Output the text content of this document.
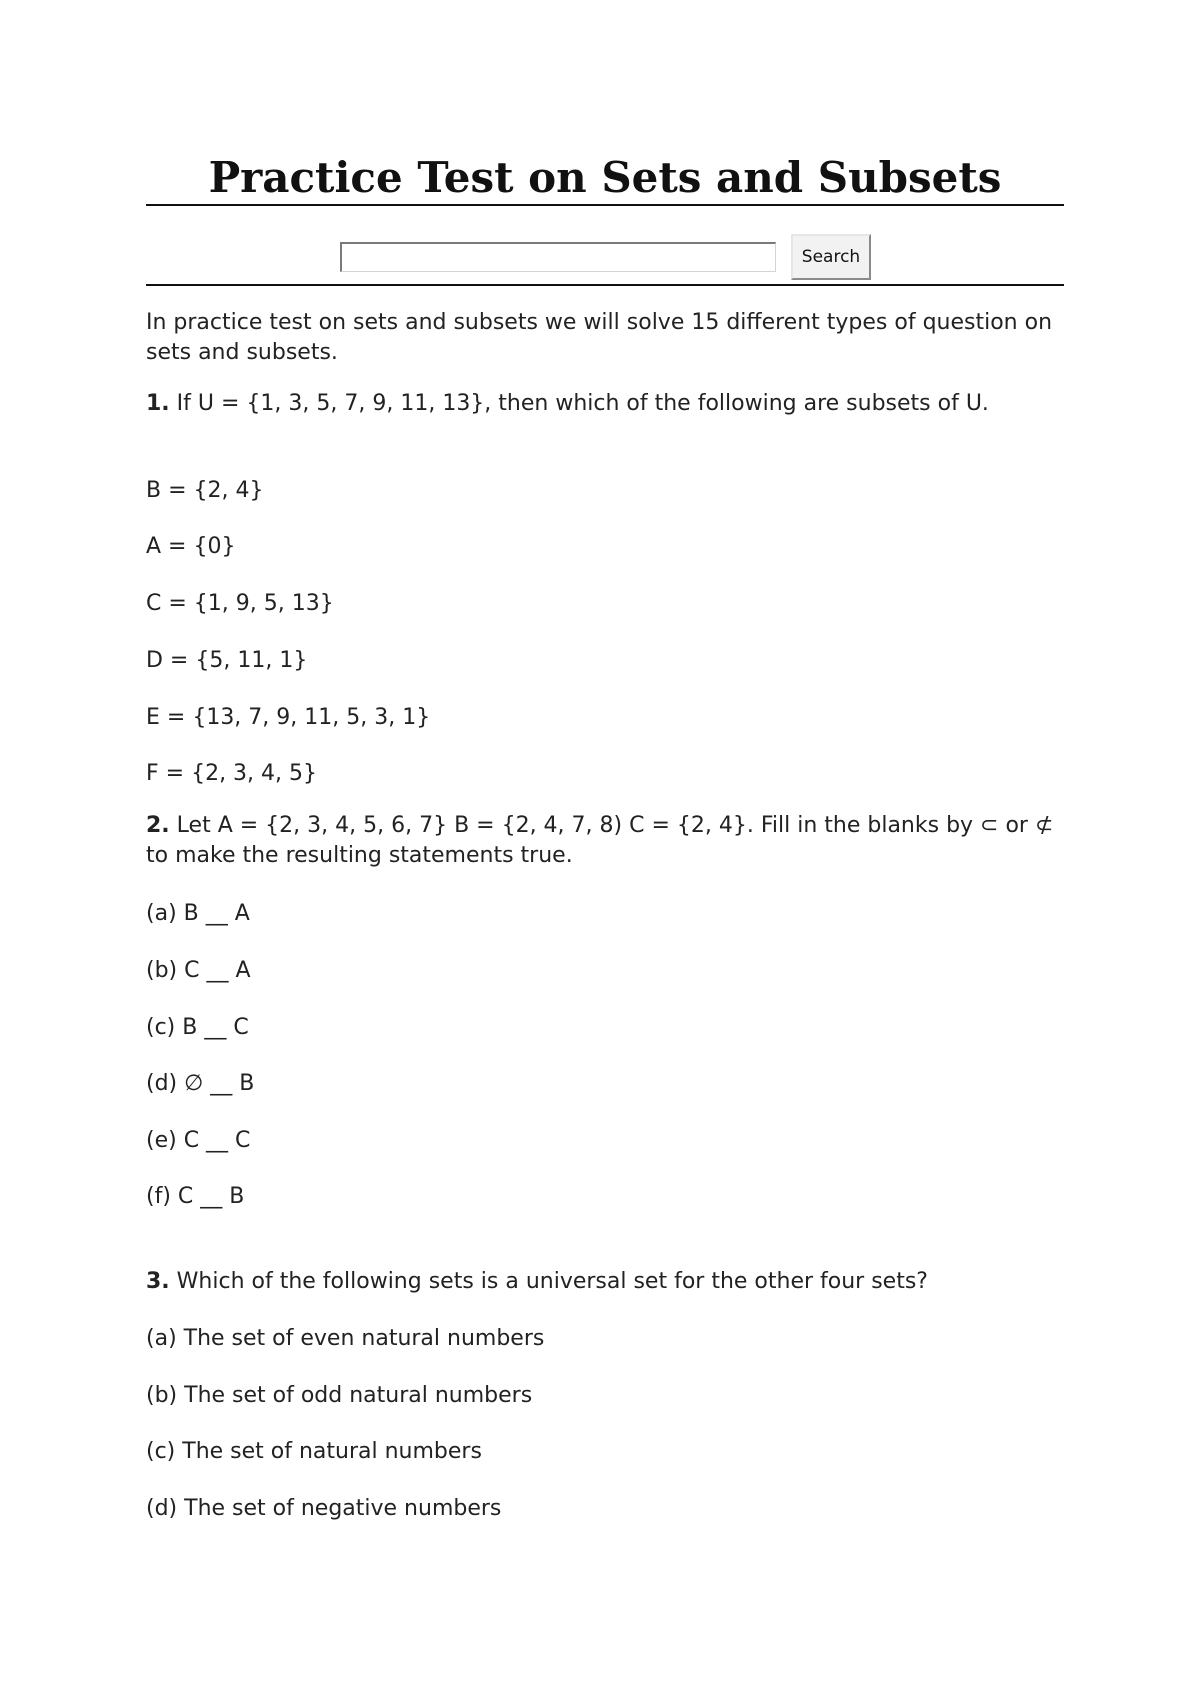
Practice Test on Sets and Subsets
Search

In practice test on sets and subsets we will solve 15 different types of question on sets and subsets.

1. If U = {1, 3, 5, 7, 9, 11, 13}, then which of the following are subsets of U.

B = {2, 4}

A = {0}

C = {1, 9, 5, 13}

D = {5, 11, 1}

E = {13, 7, 9, 11, 5, 3, 1}

F = {2, 3, 4, 5}

2. Let A = {2, 3, 4, 5, 6, 7} B = {2, 4, 7, 8) C = {2, 4}. Fill in the blanks by ⊂ or ⊄ to make the resulting statements true.

(a) B __ A

(b) C __ A

(c) B __ C

(d) ∅ __ B

(e) C __ C

(f) C __ B

3. Which of the following sets is a universal set for the other four sets?

(a) The set of even natural numbers

(b) The set of odd natural numbers

(c) The set of natural numbers

(d) The set of negative numbers
